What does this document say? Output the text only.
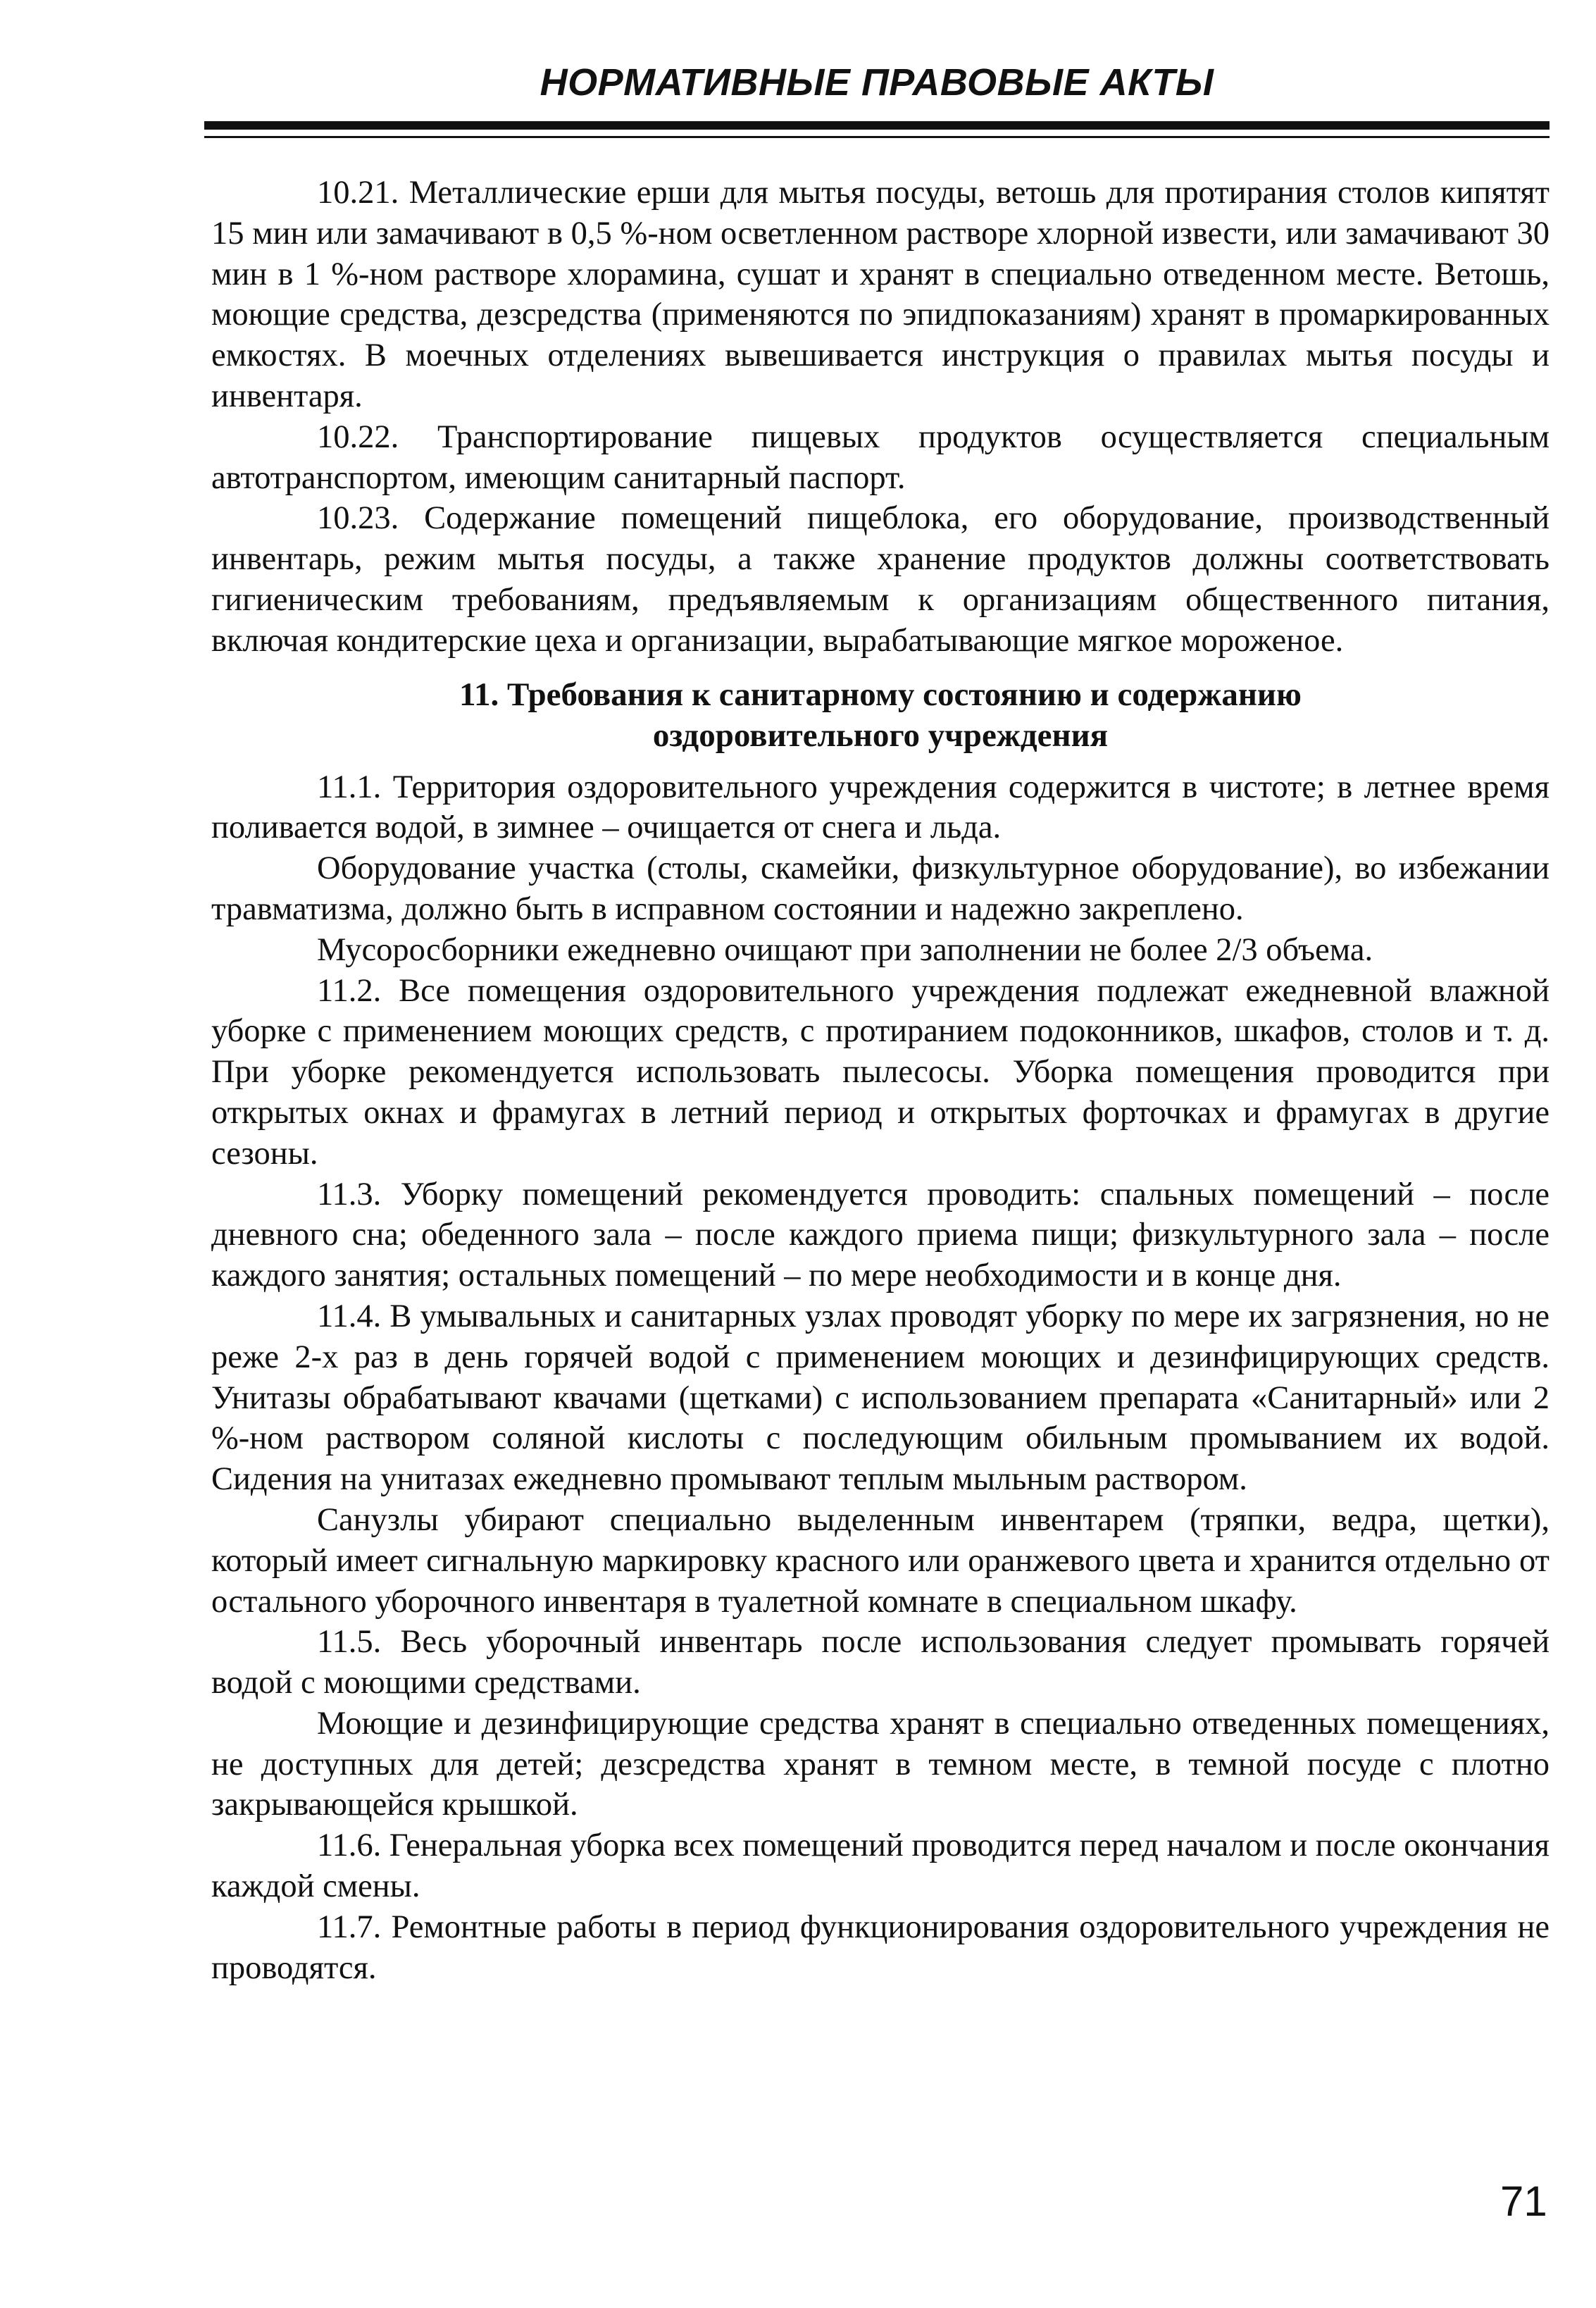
НОРМАТИВНЫЕ ПРАВОВЫЕ АКТЫ

10.21. Металлические ерши для мытья посуды, ветошь для протирания столов кипятят 15 мин или замачивают в 0,5 %-ном осветленном растворе хлорной извести, или замачивают 30 мин в 1 %-ном растворе хлорамина, сушат и хранят в специально отведенном месте. Ветошь, моющие средства, дезсредства (применяются по эпидпоказаниям) хранят в промаркированных емкостях. В моечных отделениях вывешивается инструкция о правилах мытья посуды и инвентаря.

10.22. Транспортирование пищевых продуктов осуществляется специальным автотранспортом, имеющим санитарный паспорт.

10.23. Содержание помещений пищеблока, его оборудование, производственный инвентарь, режим мытья посуды, а также хранение продуктов должны соответствовать гигиеническим требованиям, предъявляемым к организациям общественного питания, включая кондитерские цеха и организации, вырабатывающие мягкое мороженое.

11. Требования к санитарному состоянию и содержанию
оздоровительного учреждения

11.1. Территория оздоровительного учреждения содержится в чистоте; в летнее время поливается водой, в зимнее – очищается от снега и льда.

Оборудование участка (столы, скамейки, физкультурное оборудование), во избежании травматизма, должно быть в исправном состоянии и надежно закреплено.

Мусоросборники ежедневно очищают при заполнении не более 2/3 объема.

11.2. Все помещения оздоровительного учреждения подлежат ежедневной влажной уборке с применением моющих средств, с протиранием подоконников, шкафов, столов и т. д. При уборке рекомендуется использовать пылесосы. Уборка помещения проводится при открытых окнах и фрамугах в летний период и открытых форточках и фрамугах в другие сезоны.

11.3. Уборку помещений рекомендуется проводить: спальных помещений – после дневного сна; обеденного зала – после каждого приема пищи; физкультурного зала – после каждого занятия; остальных помещений – по мере необходимости и в конце дня.

11.4. В умывальных и санитарных узлах проводят уборку по мере их загрязнения, но не реже 2-х раз в день горячей водой с применением моющих и дезинфицирующих средств. Унитазы обрабатывают квачами (щетками) с использованием препарата «Санитарный» или 2 %-ном раствором соляной кислоты с последующим обильным промыванием их водой. Сидения на унитазах ежедневно промывают теплым мыльным раствором.

Санузлы убирают специально выделенным инвентарем (тряпки, ведра, щетки), который имеет сигнальную маркировку красного или оранжевого цвета и хранится отдельно от остального уборочного инвентаря в туалетной комнате в специальном шкафу.

11.5. Весь уборочный инвентарь после использования следует промывать горячей водой с моющими средствами.

Моющие и дезинфицирующие средства хранят в специально отведенных помещениях, не доступных для детей; дезсредства хранят в темном месте, в темной посуде с плотно закрывающейся крышкой.

11.6. Генеральная уборка всех помещений проводится перед началом и после окончания каждой смены.

11.7. Ремонтные работы в период функционирования оздоровительного учреждения не проводятся.

71
